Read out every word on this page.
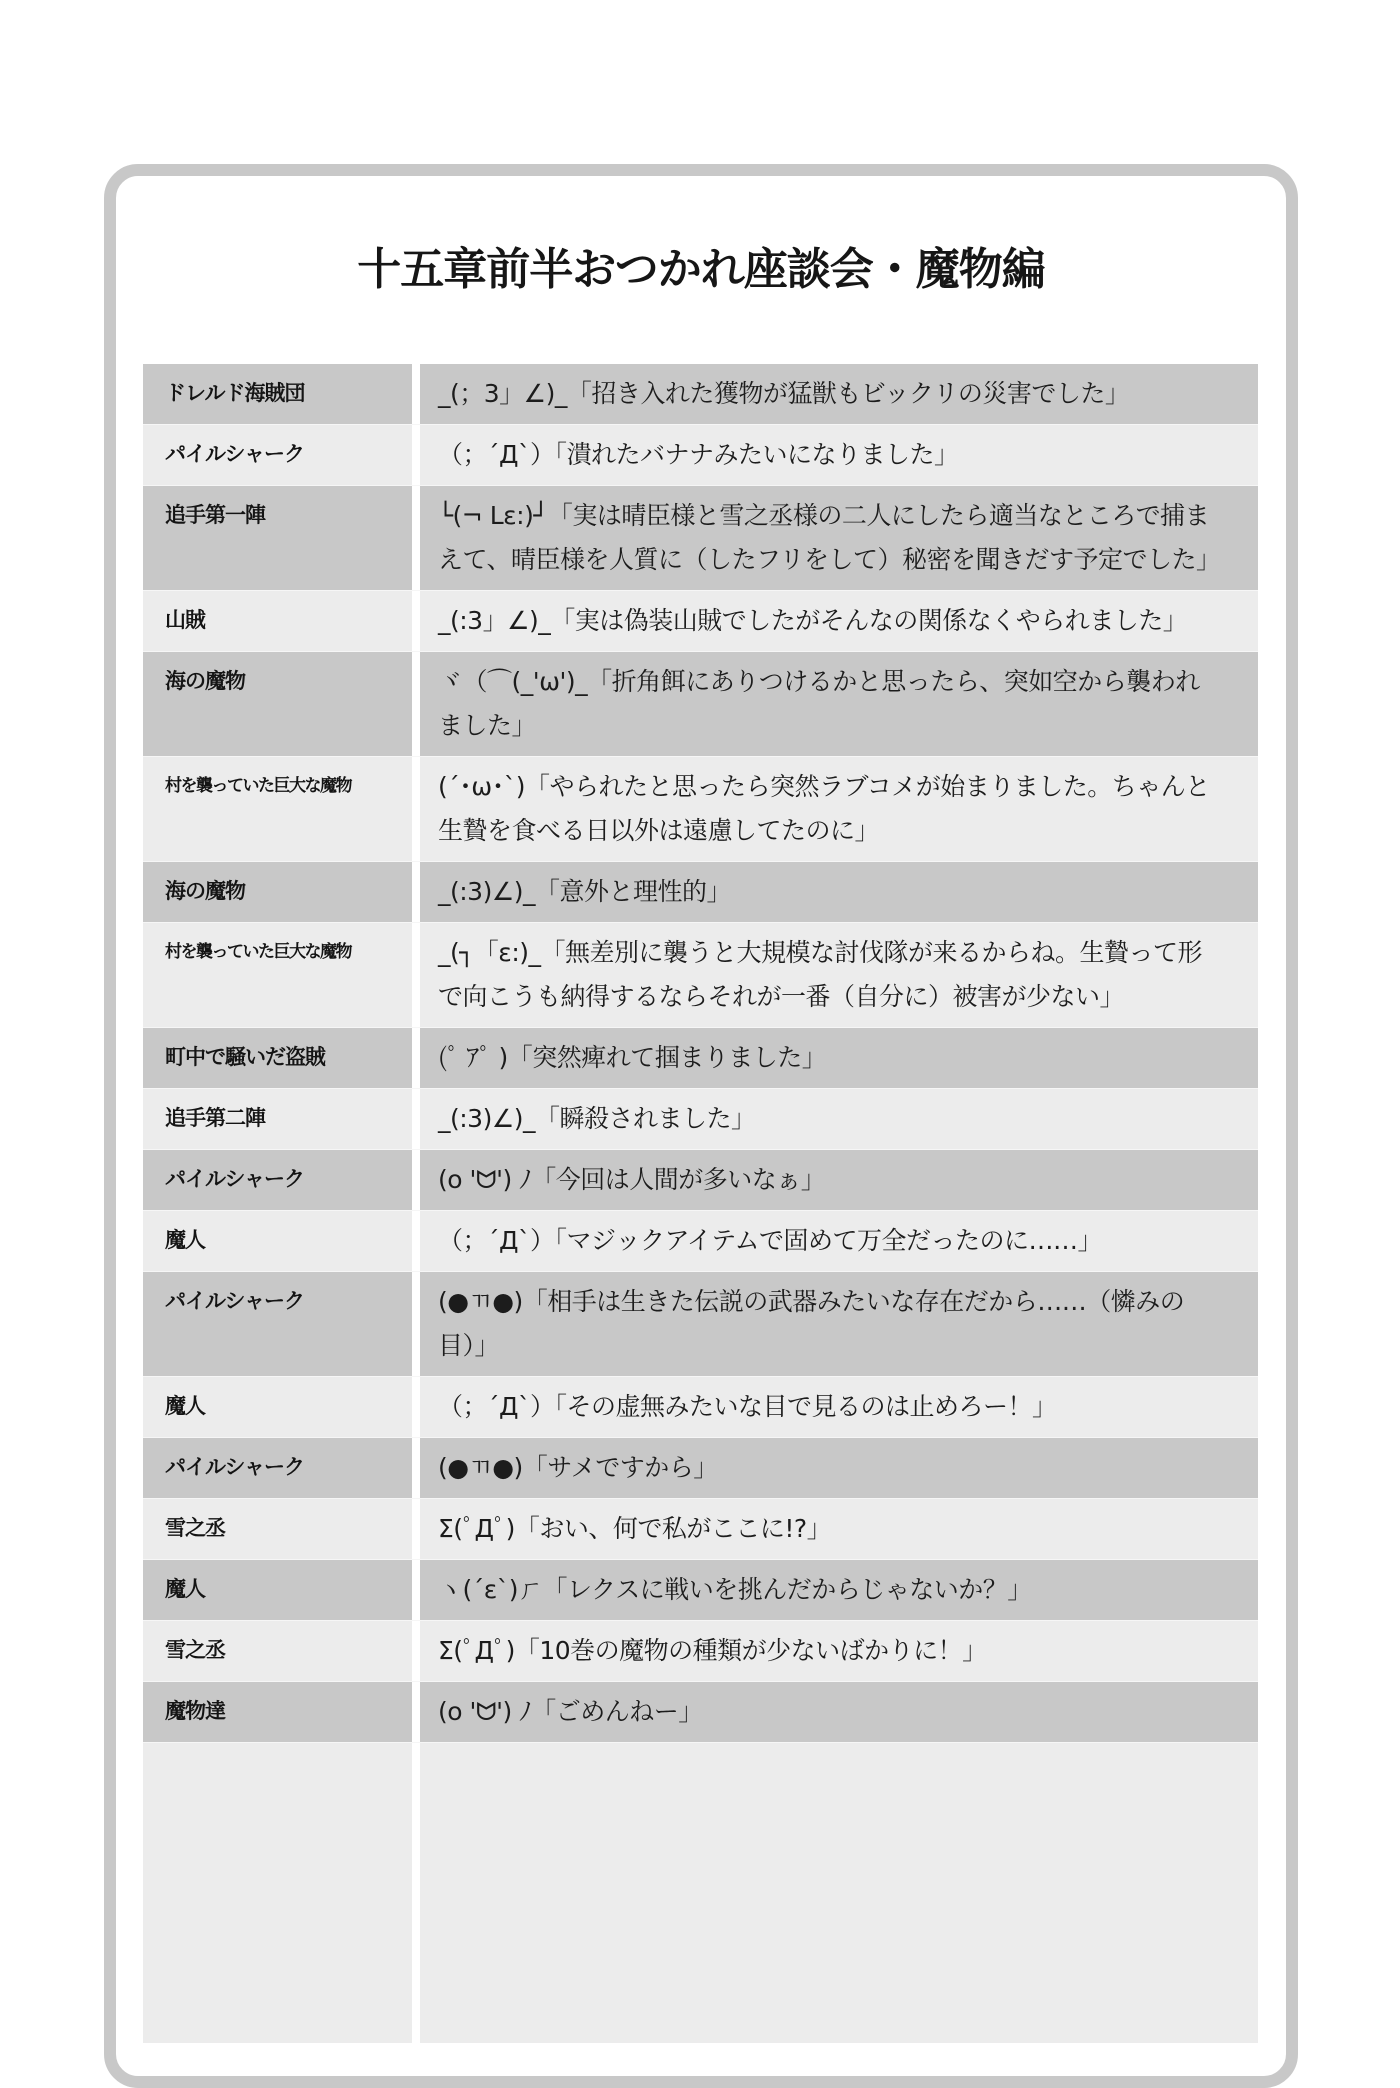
十五章前半おつかれ座談会・魔物編
ドレルド海賊団	_(；3」∠)_「招き入れた獲物が猛獣もビックリの災害でした」
パイルシャーク	（；´Д`）「潰れたバナナみたいになりました」
追手第一陣	└(¬ Lε:)┘「実は晴臣様と雪之丞様の二人にしたら適当なところで捕まえて、晴臣様を人質に（したフリをして）秘密を聞きだす予定でした」
山賊	_(:3」∠)_「実は偽装山賊でしたがそんなの関係なくやられました」
海の魔物	ヾ（⌒(_'ω')_「折角餌にありつけるかと思ったら、突如空から襲われました」
村を襲っていた巨大な魔物	(´･ω･`)「やられたと思ったら突然ラブコメが始まりました。ちゃんと生贄を食べる日以外は遠慮してたのに」
海の魔物	_(:3)∠)_「意外と理性的」
村を襲っていた巨大な魔物	_(┐「ε:)_「無差別に襲うと大規模な討伐隊が来るからね。生贄って形で向こうも納得するならそれが一番（自分に）被害が少ない」
町中で騒いだ盗賊	(ﾟ ｱﾟ )「突然痺れて掴まりました」
追手第二陣	_(:3)∠)_「瞬殺されました」
パイルシャーク	(o 'ᗢ') ﾉ「今回は人間が多いなぁ」
魔人	（；´Д`）「マジックアイテムで固めて万全だったのに……」
パイルシャーク	(●ㄲ●)「相手は生きた伝説の武器みたいな存在だから……（憐みの目）」
魔人	（；´Д`）「その虚無みたいな目で見るのは止めろー！」
パイルシャーク	(●ㄲ●)「サメですから」
雪之丞	Σ(ﾟДﾟ)「おい、何で私がここに!?」
魔人	ヽ(´ε`)ㄏ「レクスに戦いを挑んだからじゃないか？」
雪之丞	Σ(ﾟДﾟ)「10巻の魔物の種類が少ないばかりに！」
魔物達	(o 'ᗢ') ﾉ「ごめんねー」
